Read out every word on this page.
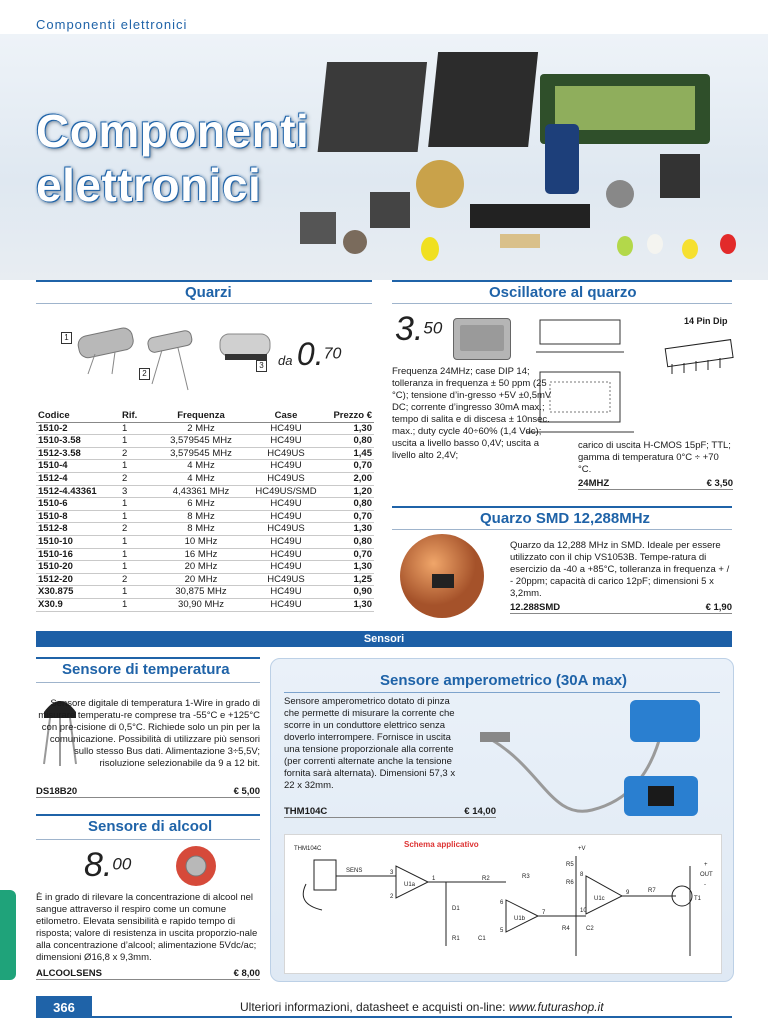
Componenti elettronici
Componenti
elettronici
Quarzi
1
2
3 da 0.70
Codice	Rif.	Frequenza	Case	Prezzo €
1510-2	1	2 MHz	HC49U	1,30
1510-3.58	1	3,579545 MHz	HC49U	0,80
1512-3.58	2	3,579545 MHz	HC49US	1,45
1510-4	1	4 MHz	HC49U	0,70
1512-4	2	4 MHz	HC49US	2,00
1512-4.43361	3	4,43361 MHz	HC49US/SMD	1,20
1510-6	1	6 MHz	HC49U	0,80
1510-8	1	8 MHz	HC49U	0,70
1512-8	2	8 MHz	HC49US	1,30
1510-10	1	10 MHz	HC49U	0,80
1510-16	1	16 MHz	HC49U	0,70
1510-20	1	20 MHz	HC49U	1,30
1512-20	2	20 MHz	HC49US	1,25
X30.875	1	30,875 MHz	HC49U	0,90
X30.9	1	30,90 MHz	HC49U	1,30
Oscillatore al quarzo
3.50	14 Pin Dip
Frequenza 24MHz; case DIP 14; tolleranza in frequenza ± 50 ppm (25 °C); tensione d’in-gresso +5V ±0,5mV DC; corrente d’ingresso 30mA max.; tempo di salita e di discesa ± 10nsec. max.; duty cycle 40÷60% (1,4 Vdc); uscita a livello basso 0,4V; uscita a livello alto 2,4V;
carico di uscita H-CMOS 15pF; TTL; gamma di temperatura 0°C ÷ +70 °C.
24MHZ	€ 3,50
Quarzo SMD 12,288MHz
Quarzo da 12,288 MHz in SMD. Ideale per essere utilizzato con il chip VS1053B. Tempe-ratura di esercizio da -40 a +85°C, tolleranza in frequenza + / - 20ppm; capacità di carico 12pF; dimensioni 5 x 3,2mm.
12.288SMD	€ 1,90
Sensori
Sensore di temperatura
Sensore digitale di temperatura 1-Wire in grado di misurare temperatu-re comprese tra -55°C e +125°C con pre-cisione di 0,5°C. Richiede solo un pin per la comunicazione. Possibilità di utilizzare più sensori sullo stesso Bus dati. Alimentazione 3÷5,5V; risoluzione selezionabile da 9 a 12 bit.
DS18B20	€ 5,00
Sensore di alcool
8.00
È in grado di rilevare la concentrazione di alcool nel sangue attraverso il respiro come un comune etilometro. Elevata sensibilità e rapido tempo di risposta; valore di resistenza in uscita proporzio-nale alla concentrazione d’alcool; alimentazione 5Vdc/ac; dimensioni Ø16,8 x 9,3mm.
ALCOOLSENS	€ 8,00
Sensore amperometrico (30A max)
Sensore amperometrico dotato di pinza che permette di misurare la corrente che scorre in un conduttore elettrico senza doverlo interrompere. Fornisce in uscita una tensione proporzionale alla corrente (per correnti alternate anche la tensione fornita sarà alternata). Dimensioni 57,3 x 22 x 32mm.
THM104C	€ 14,00
Schema applicativo
THM104C
SENS
U1a
U1b
U1c
R1
R2	R3
R4
R5
R6
R7
C1
C2
D1
T1
+V
+
OUT
-
3
2
1
5
6
7
8
9
10
366	Ulteriori informazioni, datasheet e acquisti on-line: www.futurashop.it
